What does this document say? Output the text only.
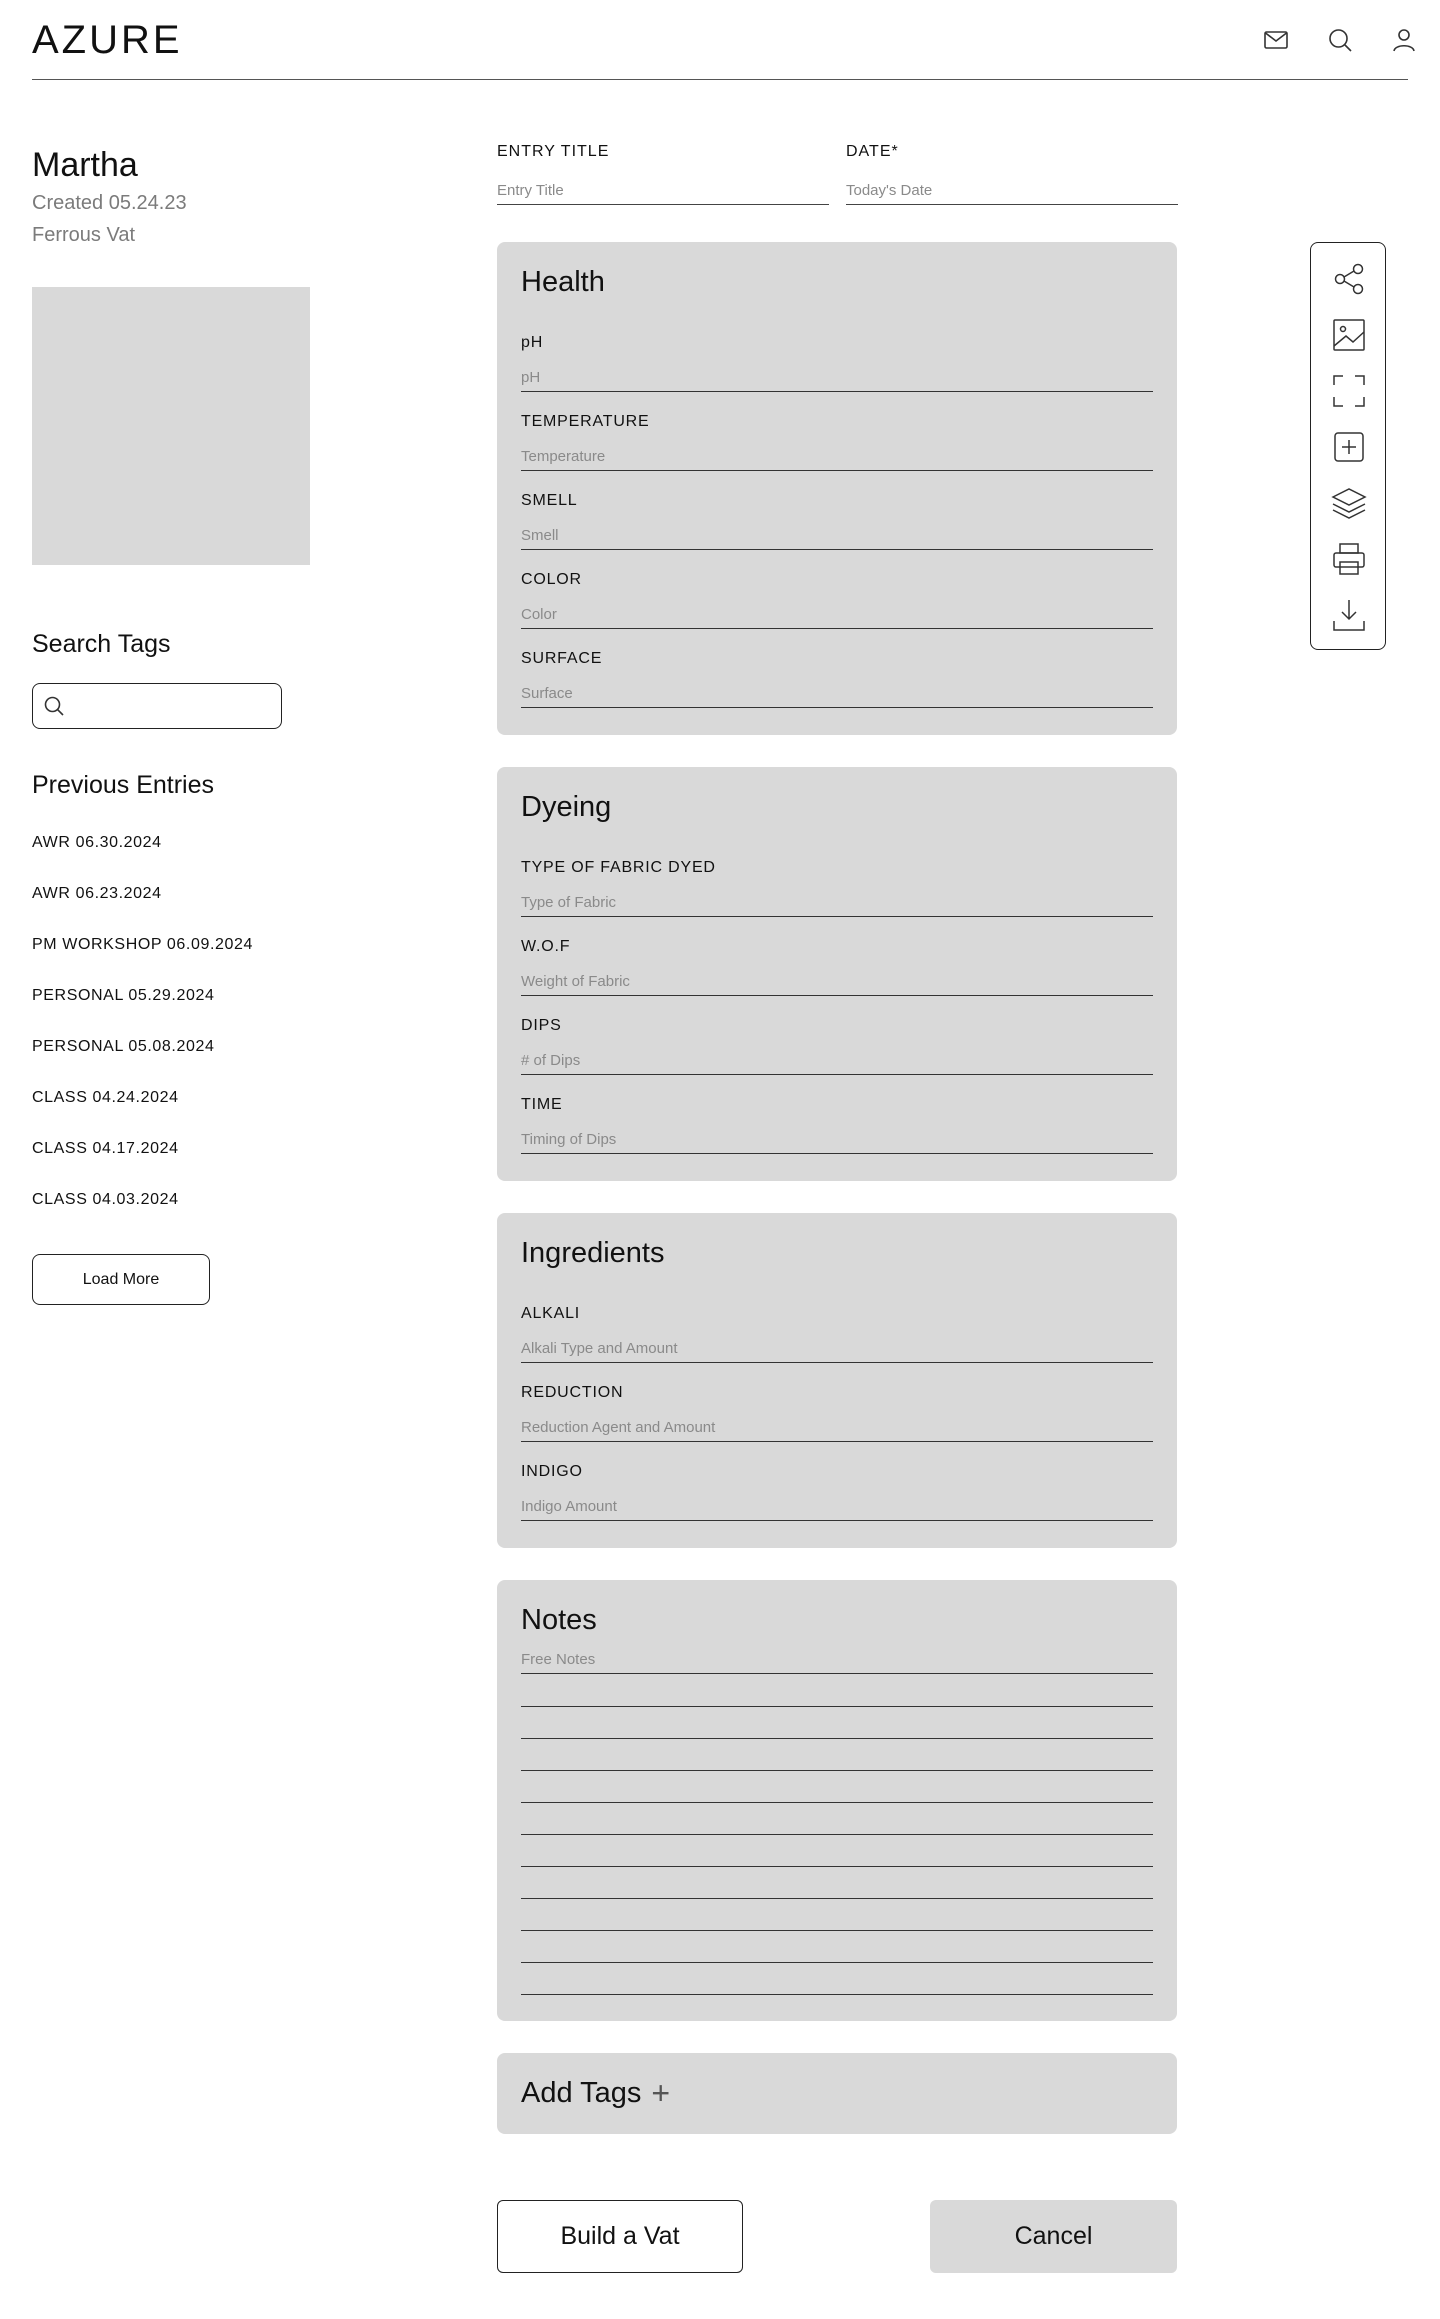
AZURE
Martha
Created 05.24.23
Ferrous Vat
Search Tags
Previous Entries
AWR 06.30.2024
AWR 06.23.2024
PM WORKSHOP 06.09.2024
PERSONAL 05.29.2024
PERSONAL 05.08.2024
CLASS 04.24.2024
CLASS 04.17.2024
CLASS 04.03.2024
Load More
ENTRY TITLE
Entry Title	DATE*
Today's Date
Health
pH
pH
TEMPERATURE
Temperature
SMELL
Smell
COLOR
Color
SURFACE
Surface
Dyeing
TYPE OF FABRIC DYED
Type of Fabric
W.O.F
Weight of Fabric
DIPS
# of Dips
TIME
Timing of Dips
Ingredients
ALKALI
Alkali Type and Amount
REDUCTION
Reduction Agent and Amount
INDIGO
Indigo Amount
Notes
Free Notes
Add Tags +
Build a Vat	Cancel
